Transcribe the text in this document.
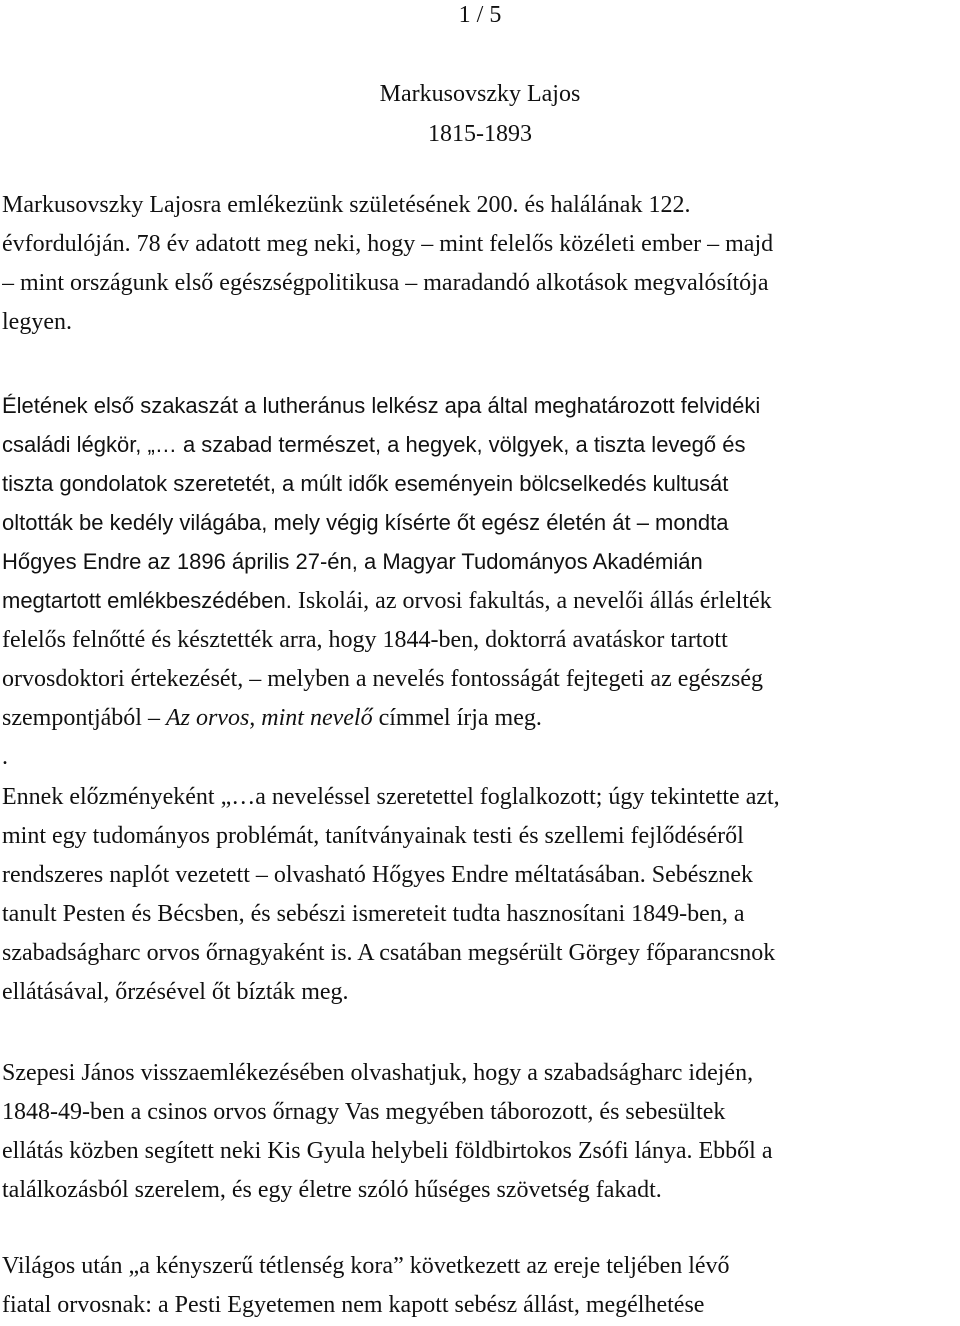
1 / 5
Markusovszky Lajos
1815-1893
Markusovszky Lajosra emlékezünk születésének 200. és halálának 122.
évfordulóján. 78 év adatott meg neki, hogy – mint felelős közéleti ember – majd
– mint országunk első egészségpolitikusa – maradandó alkotások megvalósítója
legyen.
Életének első szakaszát a lutheránus lelkész apa által meghatározott felvidéki
családi légkör, „… a szabad természet, a hegyek, völgyek, a tiszta levegő és
tiszta gondolatok szeretetét, a múlt idők eseményein bölcselkedés kultusát
oltották be kedély világába, mely végig kísérte őt egész életén át – mondta
Hőgyes Endre az 1896 április 27-én, a Magyar Tudományos Akadémián
megtartott emlékbeszédében. Iskolái, az orvosi fakultás, a nevelői állás érlelték
felelős felnőtté és késztették arra, hogy 1844-ben, doktorrá avatáskor tartott
orvosdoktori értekezését, – melyben a nevelés fontosságát fejtegeti az egészség
szempontjából – Az orvos, mint nevelő címmel írja meg.
.
Ennek előzményeként „…a neveléssel szeretettel foglalkozott; úgy tekintette azt,
mint egy tudományos problémát, tanítványainak testi és szellemi fejlődéséről
rendszeres naplót vezetett – olvasható Hőgyes Endre méltatásában. Sebésznek
tanult Pesten és Bécsben, és sebészi ismereteit tudta hasznosítani 1849-ben, a
szabadságharc orvos őrnagyaként is. A csatában megsérült Görgey főparancsnok
ellátásával, őrzésével őt bízták meg.
Szepesi János visszaemlékezésében olvashatjuk, hogy a szabadságharc idején,
1848-49-ben a csinos orvos őrnagy Vas megyében táborozott, és sebesültek
ellátás közben segített neki Kis Gyula helybeli földbirtokos Zsófi lánya. Ebből a
találkozásból szerelem, és egy életre szóló hűséges szövetség fakadt.
Világos után „a kényszerű tétlenség kora” következett az ereje teljében lévő
fiatal orvosnak: a Pesti Egyetemen nem kapott sebész állást, megélhetése
